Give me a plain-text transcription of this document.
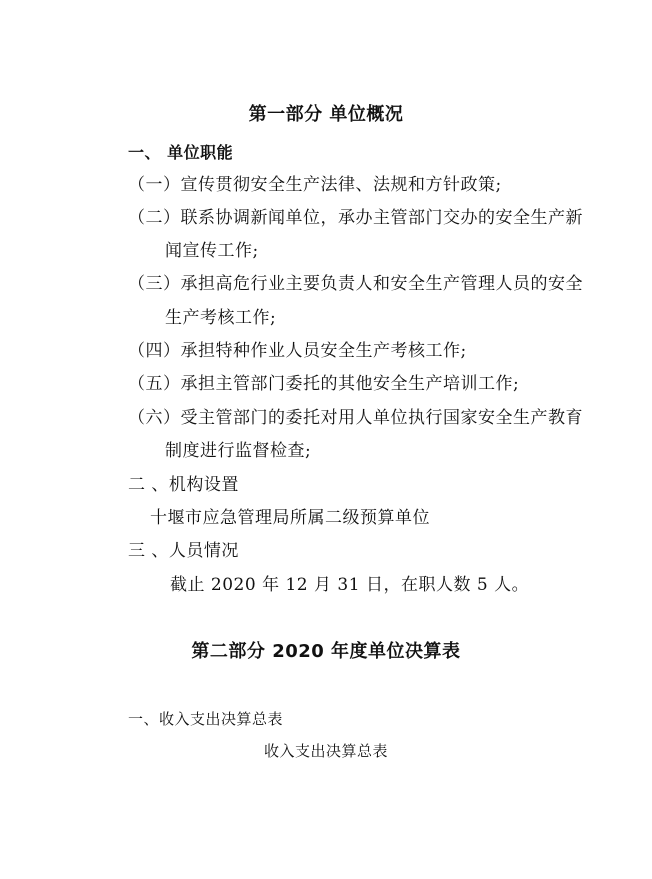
第一部分 单位概况
一、 单位职能
（一）宣传贯彻安全生产法律、法规和方针政策;
（二）联系协调新闻单位，承办主管部门交办的安全生产新
闻宣传工作;
（三）承担高危行业主要负责人和安全生产管理人员的安全
生产考核工作;
（四）承担特种作业人员安全生产考核工作;
（五）承担主管部门委托的其他安全生产培训工作;
（六）受主管部门的委托对用人单位执行国家安全生产教育
制度进行监督检查;
二 、机构设置
十堰市应急管理局所属二级预算单位
三 、人员情况
截止 2020 年 12 月 31 日，在职人数 5 人。
第二部分 2020 年度单位决算表
一、收入支出决算总表
收入支出决算总表
